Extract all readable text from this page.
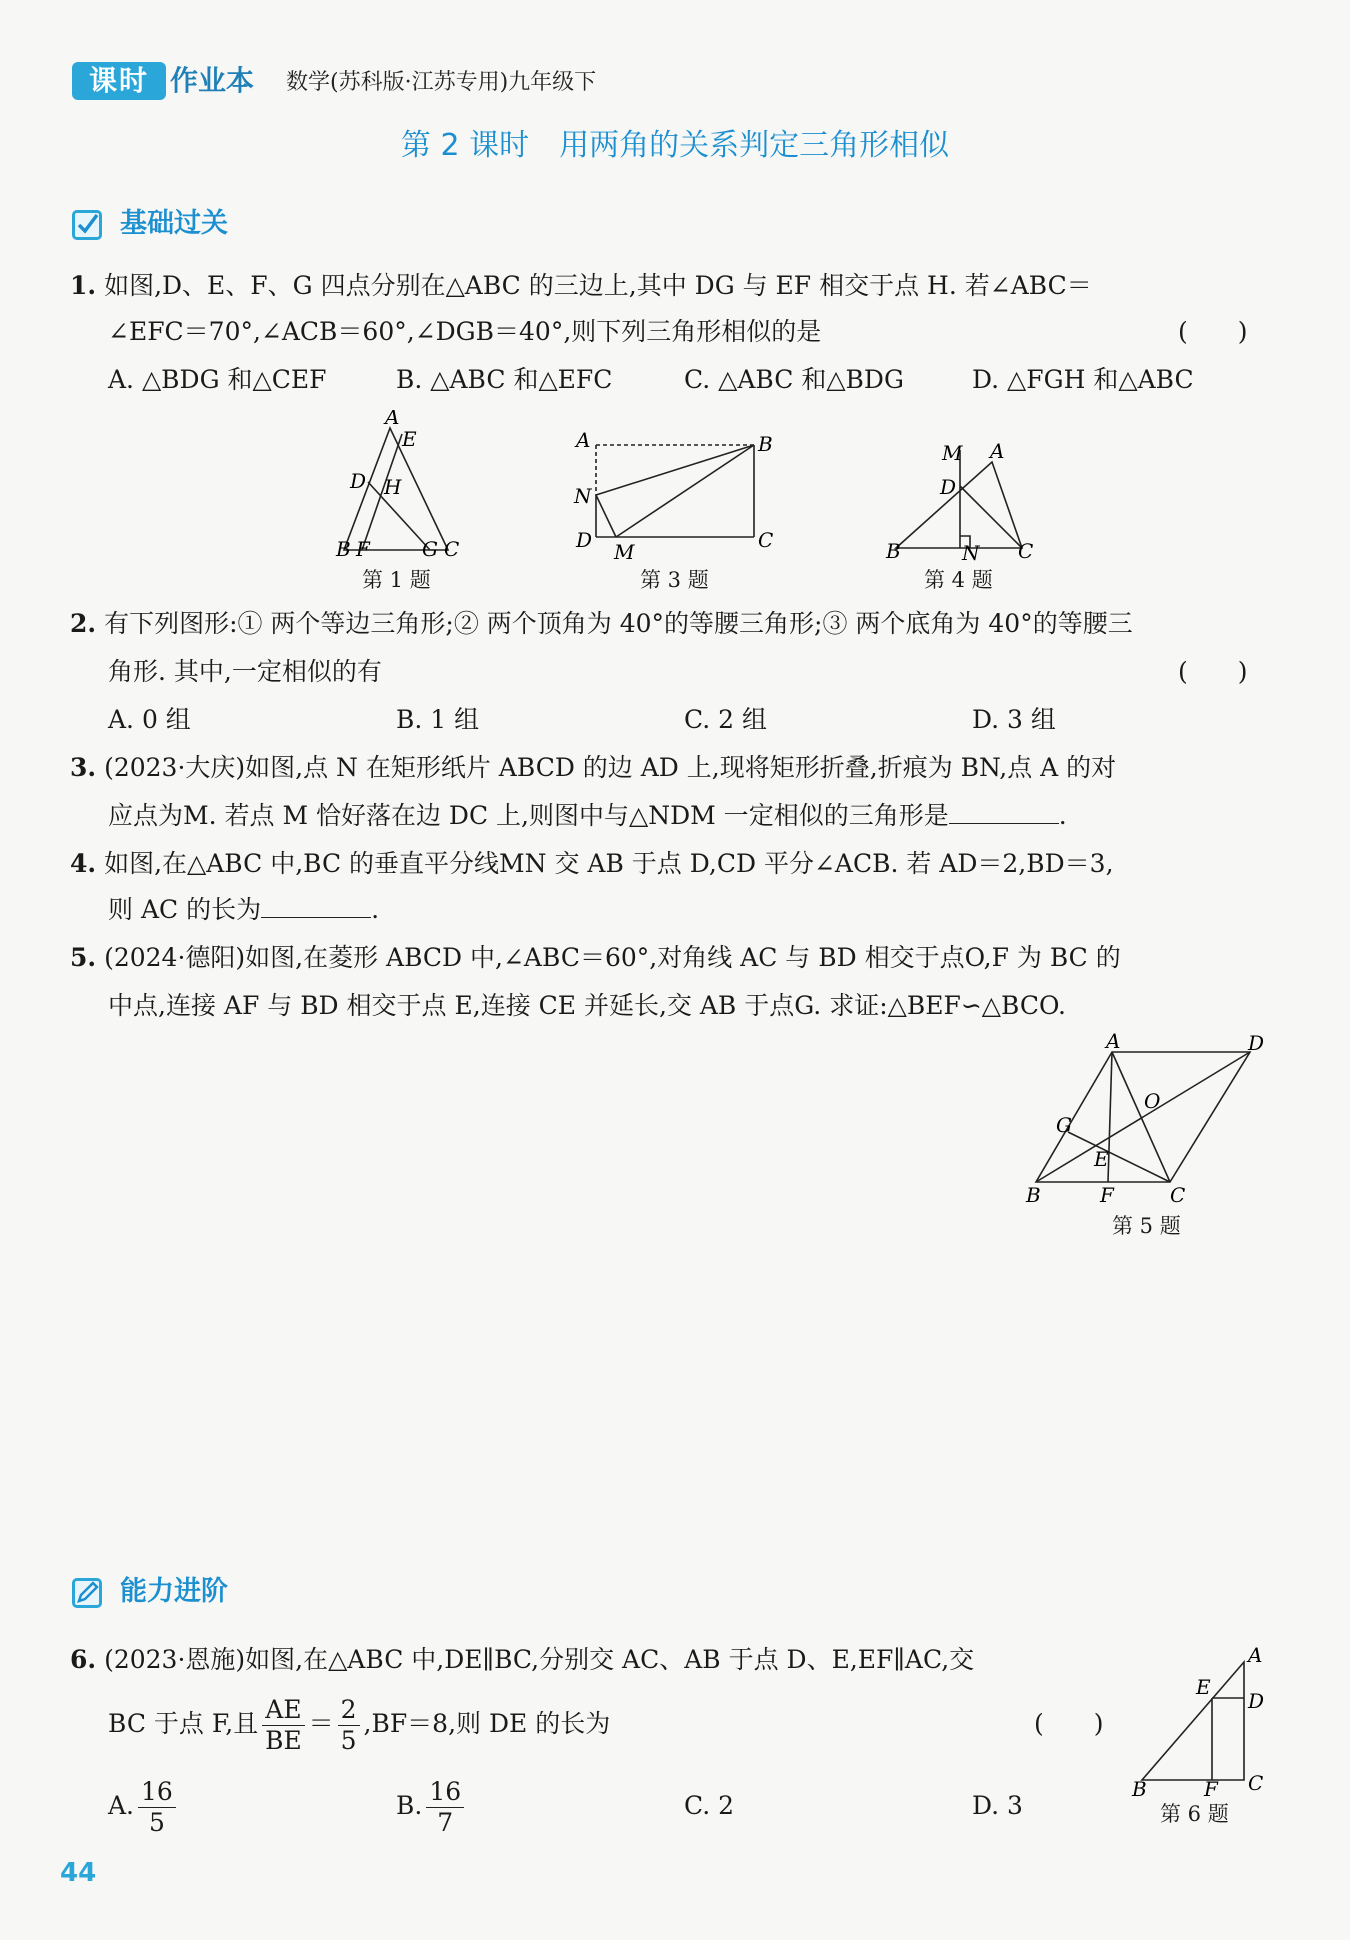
课时 作业本 数学(苏科版·江苏专用)九年级下
第 2 课时　用两角的关系判定三角形相似
基础过关
1. 如图,D、E、F、G 四点分别在△ABC 的三边上,其中 DG 与 EF 相交于点 H. 若∠ABC＝
∠EFC＝70°,∠ACB＝60°,∠DGB＝40°,则下列三角形相似的是	(　　)
A. △BDG 和△CEF	B. △ABC 和△EFC	C. △ABC 和△BDG	D. △FGH 和△ABC
A
E
D H
B F	G C
第 1 题
A	B
N
D M	C
第 3 题
M A
D
B	N C
第 4 题
2. 有下列图形:① 两个等边三角形;② 两个顶角为 40°的等腰三角形;③ 两个底角为 40°的等腰三
角形. 其中,一定相似的有	(　　)
A. 0 组	B. 1 组	C. 2 组	D. 3 组
3. (2023·大庆)如图,点 N 在矩形纸片 ABCD 的边 AD 上,现将矩形折叠,折痕为 BN,点 A 的对
应点为M. 若点 M 恰好落在边 DC 上,则图中与△NDM 一定相似的三角形是	.
4. 如图,在△ABC 中,BC 的垂直平分线MN 交 AB 于点 D,CD 平分∠ACB. 若 AD＝2,BD＝3,
则 AC 的长为	.
5. (2024·德阳)如图,在菱形 ABCD 中,∠ABC＝60°,对角线 AC 与 BD 相交于点O,F 为 BC 的
中点,连接 AF 与 BD 相交于点 E,连接 CE 并延长,交 AB 于点G. 求证:△BEF∽△BCO.
A	D
G
O
E
B	F	C
第 5 题
能力进阶
6. (2023·恩施)如图,在△ABC 中,DE∥BC,分别交 AC、AB 于点 D、E,EF∥AC,交
BC 于点 F,且 $\frac{AE}{BE} = \frac{2}{5} ,BF=8$,则 DE 的长为	(　　)
A. $\frac{16}{5}$	B. $\frac{16}{7}$	C. 2	D. 3
A
E
D
B	F C
第 6 题
44
